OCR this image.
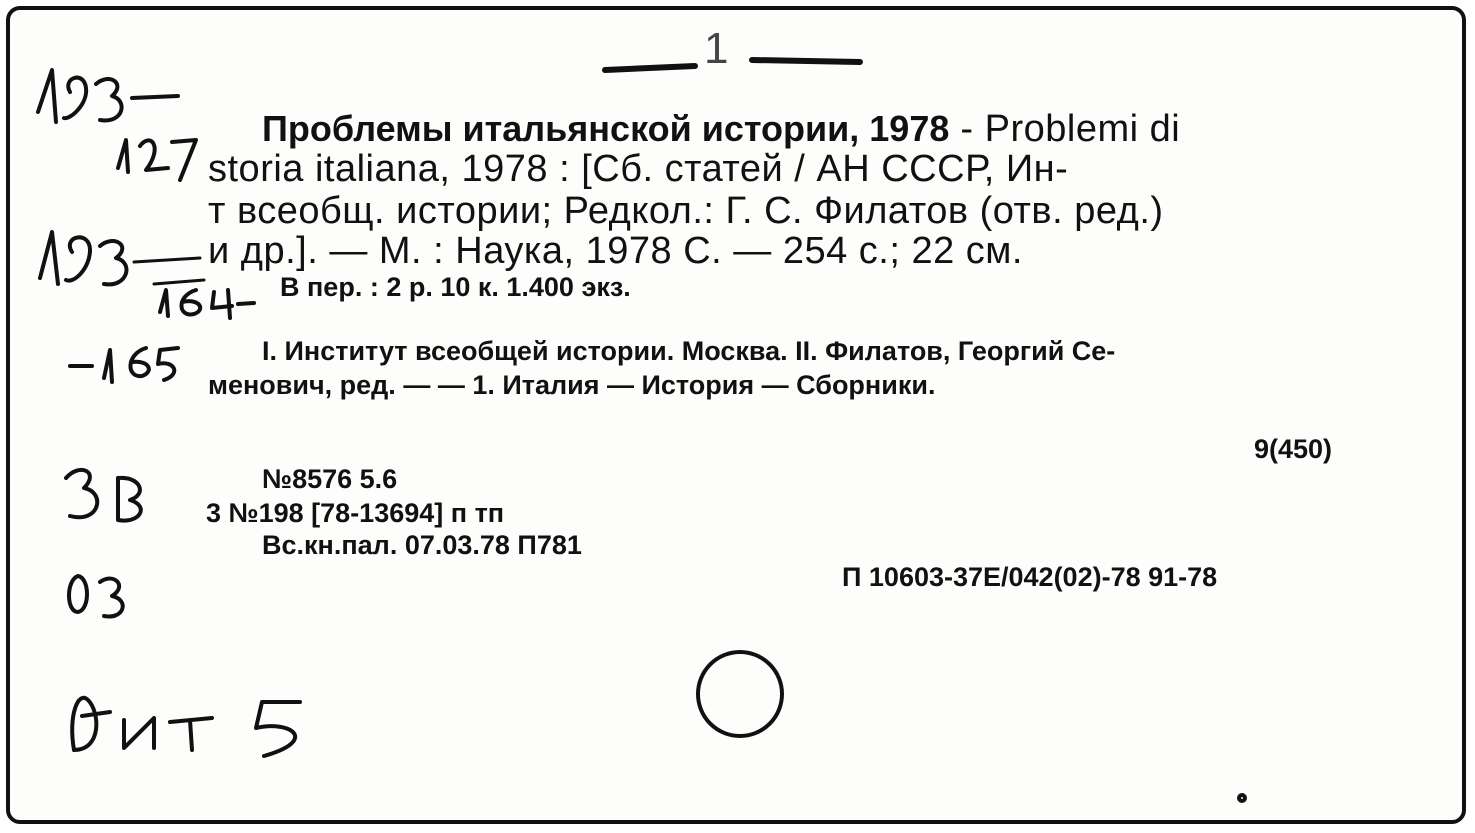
1
Проблемы итальянской истории, 1978 - Problemi di
storia italiana, 1978 : [Сб. статей / АН СССР, Ин-
т всеобщ. истории; Редкол.: Г. С. Филатов (отв. ред.)
и др.]. — М. : Наука, 1978 С. — 254 с.; 22 см.
В пер. : 2 р. 10 к. 1.400 экз.
I. Институт всеобщей истории. Москва. II. Филатов, Георгий Се-
менович, ред. — — 1. Италия — История — Сборники.
9(450)
№8576 5.6
3 №198 [78-13694] п тп
Вс.кн.пал. 07.03.78 П781
П 10603-37Е/042(02)-78 91-78
